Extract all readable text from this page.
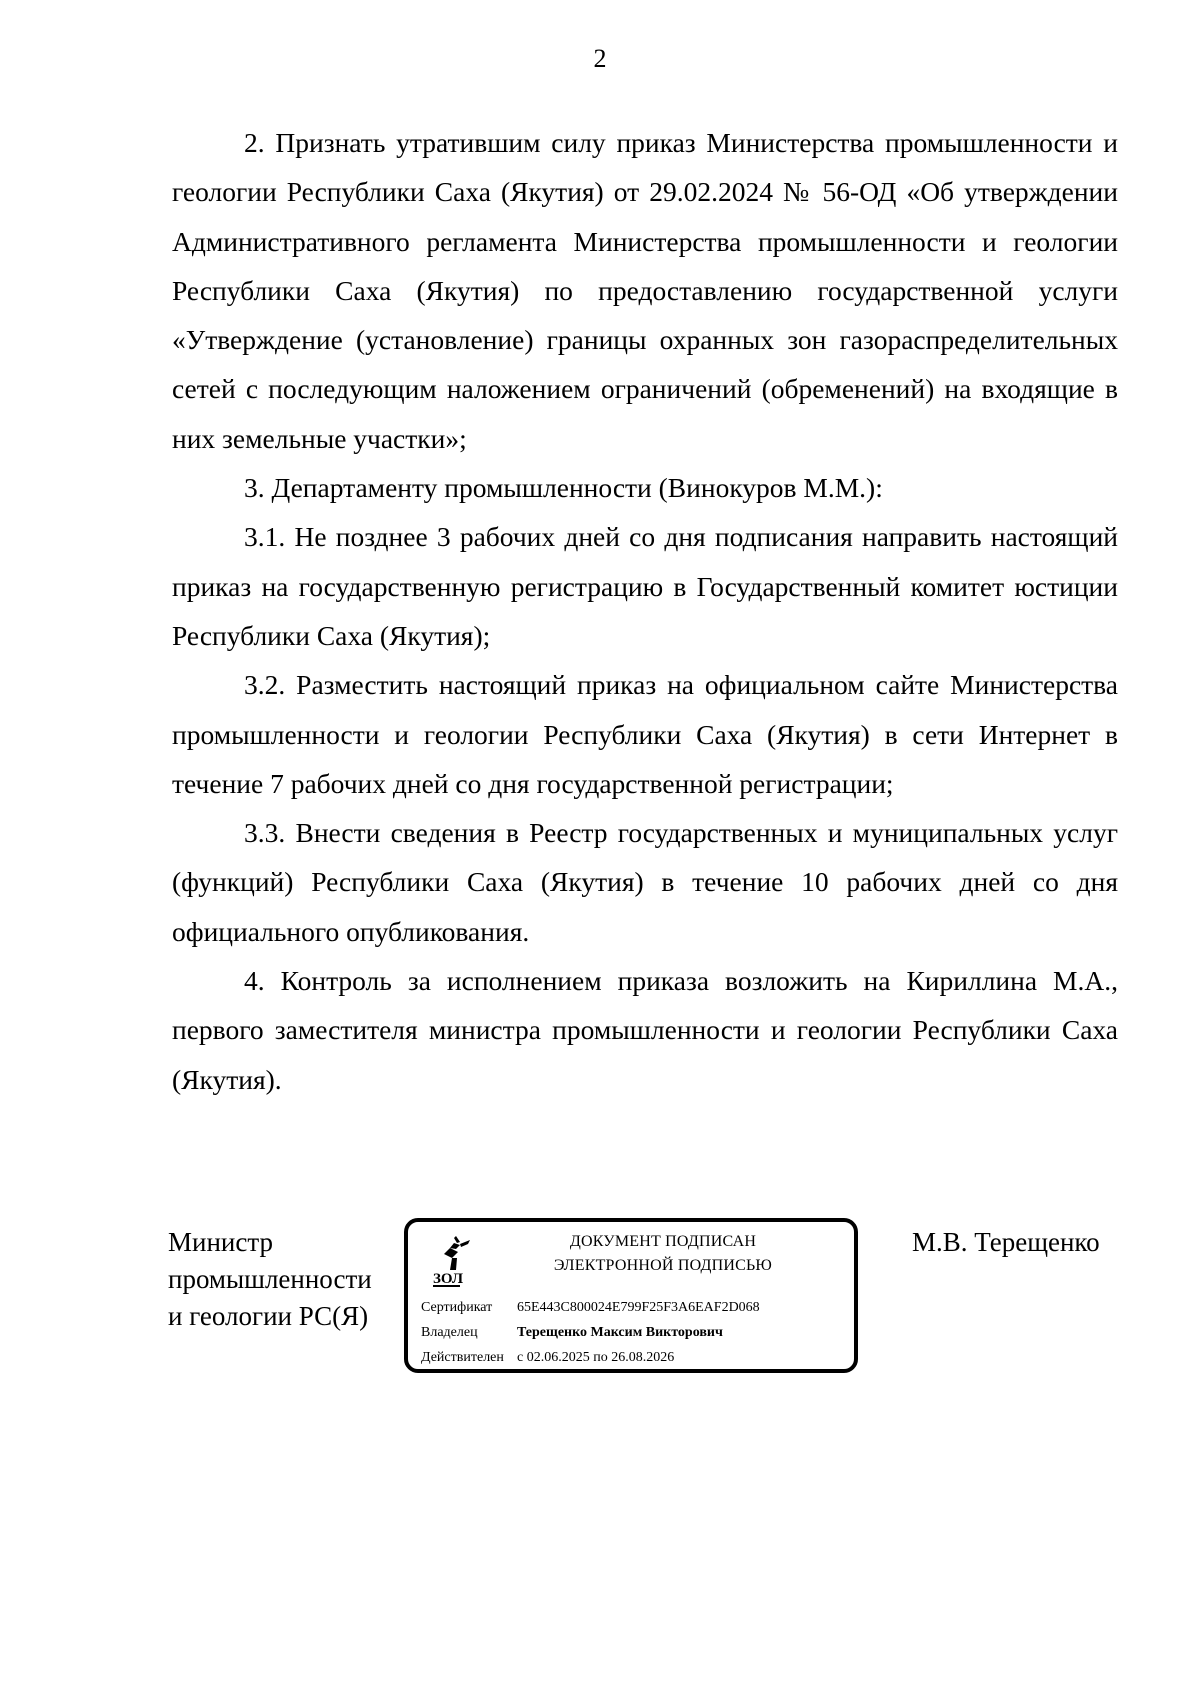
2

2. Признать утратившим силу приказ Министерства промышленности и геологии Республики Саха (Якутия) от 29.02.2024 № 56-ОД «Об утверждении Административного регламента Министерства промышленности и геологии Республики Саха (Якутия) по предоставлению государственной услуги «Утверждение (установление) границы охранных зон газораспределительных сетей с последующим наложением ограничений (обременений) на входящие в них земельные участки»;

3. Департаменту промышленности (Винокуров М.М.):

3.1. Не позднее 3 рабочих дней со дня подписания направить настоящий приказ на государственную регистрацию в Государственный комитет юстиции Республики Саха (Якутия);

3.2. Разместить настоящий приказ на официальном сайте Министерства промышленности и геологии Республики Саха (Якутия) в сети Интернет в течение 7 рабочих дней со дня государственной регистрации;

3.3. Внести сведения в Реестр государственных и муниципальных услуг (функций) Республики Саха (Якутия) в течение 10 рабочих дней со дня официального опубликования.

4. Контроль за исполнением приказа возложить на Кириллина М.А., первого заместителя министра промышленности и геологии Республики Саха (Якутия).

Министр
промышленности
и геологии РС(Я)
ЗОЛ
ДОКУМЕНТ ПОДПИСАН
ЭЛЕКТРОННОЙ ПОДПИСЬЮ
Сертификат 65E443C800024E799F25F3A6EAF2D068
Владелец	Терещенко Максим Викторович
Действителен с 02.06.2025 по 26.08.2026
М.В. Терещенко
